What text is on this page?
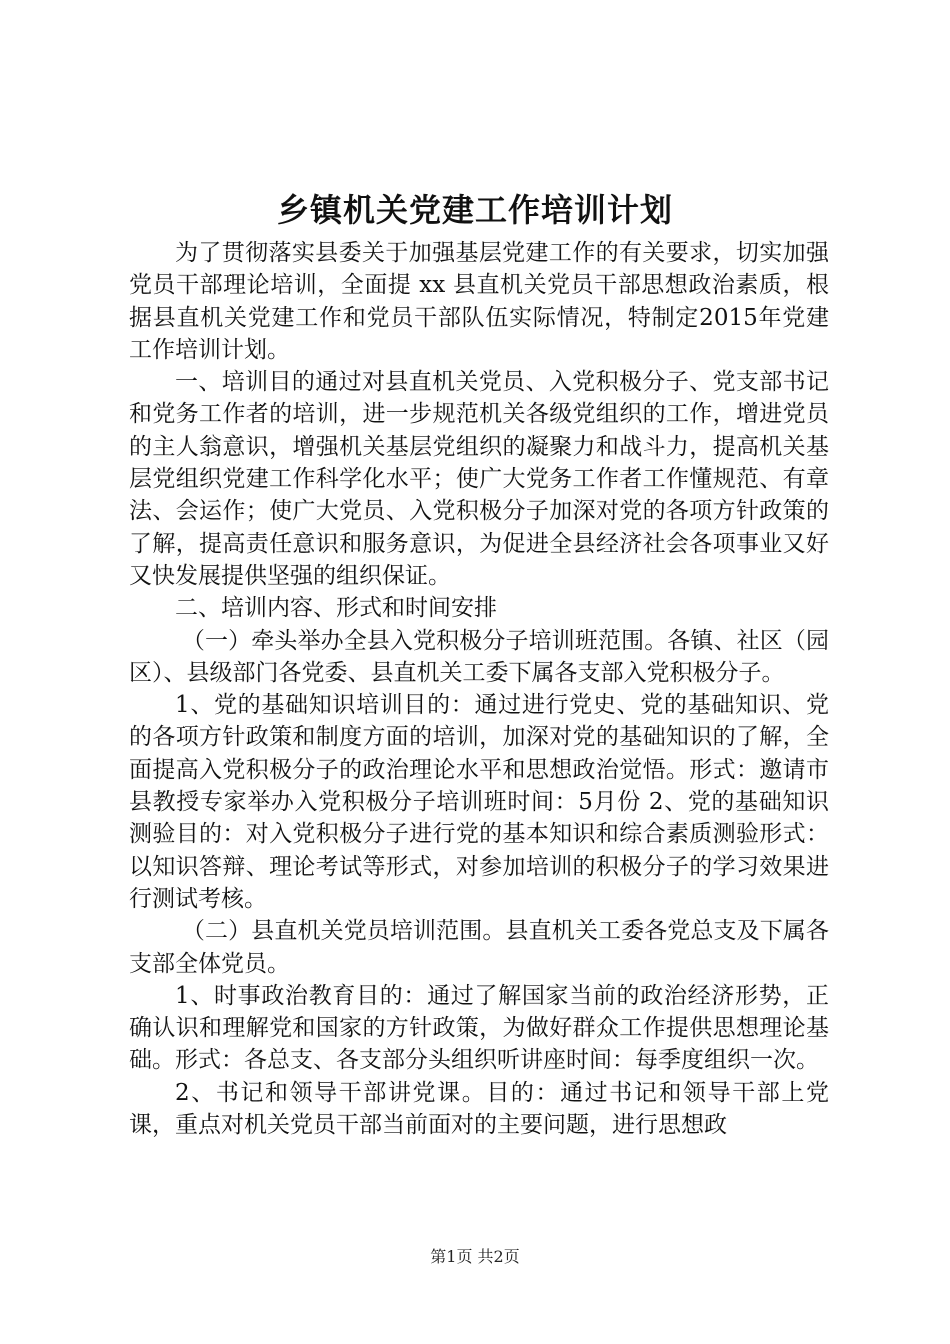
乡镇机关党建工作培训计划

为了贯彻落实县委关于加强基层党建工作的有关要求，切实加强党员干部理论培训，全面提 xx 县直机关党员干部思想政治素质，根据县直机关党建工作和党员干部队伍实际情况，特制定2015年党建工作培训计划。

一、培训目的通过对县直机关党员、入党积极分子、党支部书记和党务工作者的培训，进一步规范机关各级党组织的工作，增进党员的主人翁意识，增强机关基层党组织的凝聚力和战斗力，提高机关基层党组织党建工作科学化水平；使广大党务工作者工作懂规范、有章法、会运作；使广大党员、入党积极分子加深对党的各项方针政策的了解，提高责任意识和服务意识，为促进全县经济社会各项事业又好又快发展提供坚强的组织保证。

二、培训内容、形式和时间安排

（一）牵头举办全县入党积极分子培训班范围。各镇、社区（园区）、县级部门各党委、县直机关工委下属各支部入党积极分子。

1、党的基础知识培训目的：通过进行党史、党的基础知识、党的各项方针政策和制度方面的培训，加深对党的基础知识的了解，全面提高入党积极分子的政治理论水平和思想政治觉悟。形式：邀请市县教授专家举办入党积极分子培训班时间：5月份 2、党的基础知识测验目的：对入党积极分子进行党的基本知识和综合素质测验形式：以知识答辩、理论考试等形式，对参加培训的积极分子的学习效果进行测试考核。

（二）县直机关党员培训范围。县直机关工委各党总支及下属各支部全体党员。

1、时事政治教育目的：通过了解国家当前的政治经济形势，正确认识和理解党和国家的方针政策，为做好群众工作提供思想理论基础。形式：各总支、各支部分头组织听讲座时间：每季度组织一次。

2、书记和领导干部讲党课。目的：通过书记和领导干部上党课，重点对机关党员干部当前面对的主要问题，进行思想政

第1页 共2页
